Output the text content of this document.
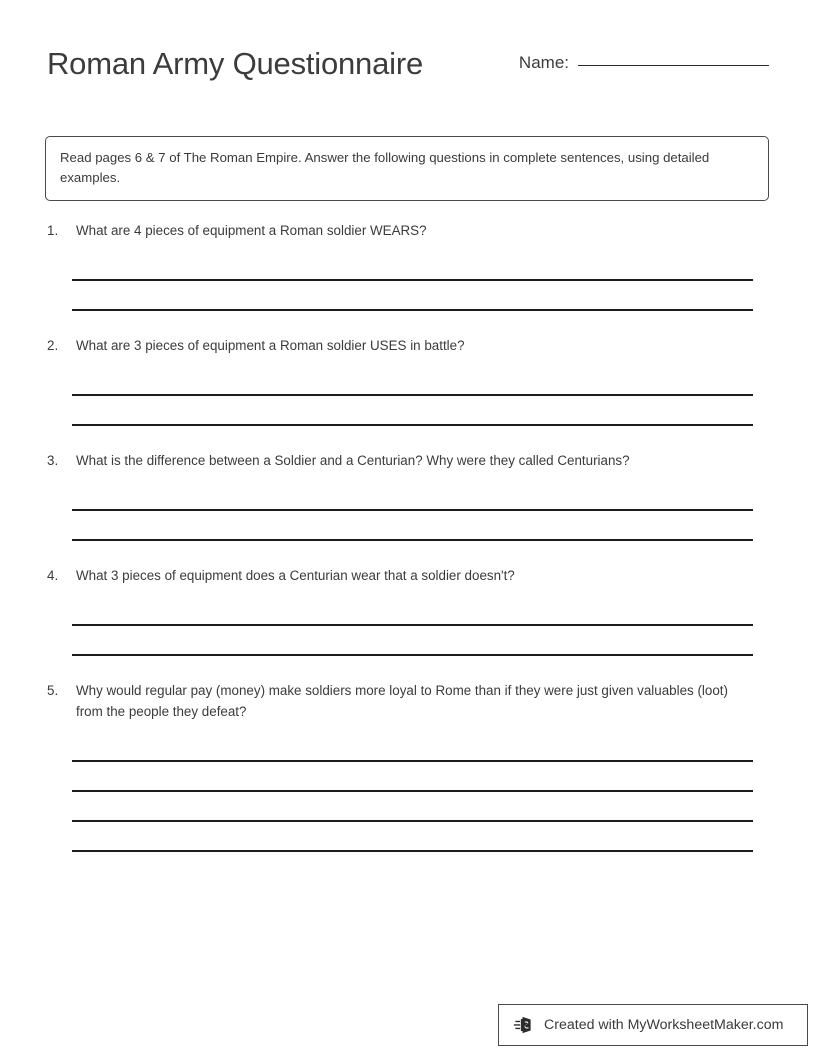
Roman Army Questionnaire	Name:

Read pages 6 & 7 of The Roman Empire. Answer the following questions in complete sentences, using detailed examples.

1.	What are 4 pieces of equipment a Roman soldier WEARS?
2.	What are 3 pieces of equipment a Roman soldier USES in battle?
3.	What is the difference between a Soldier and a Centurian? Why were they called Centurians?
4.	What 3 pieces of equipment does a Centurian wear that a soldier doesn't?
5.	Why would regular pay (money) make soldiers more loyal to Rome than if they were just given valuables (loot) from the people they defeat?
Created with MyWorksheetMaker.com
